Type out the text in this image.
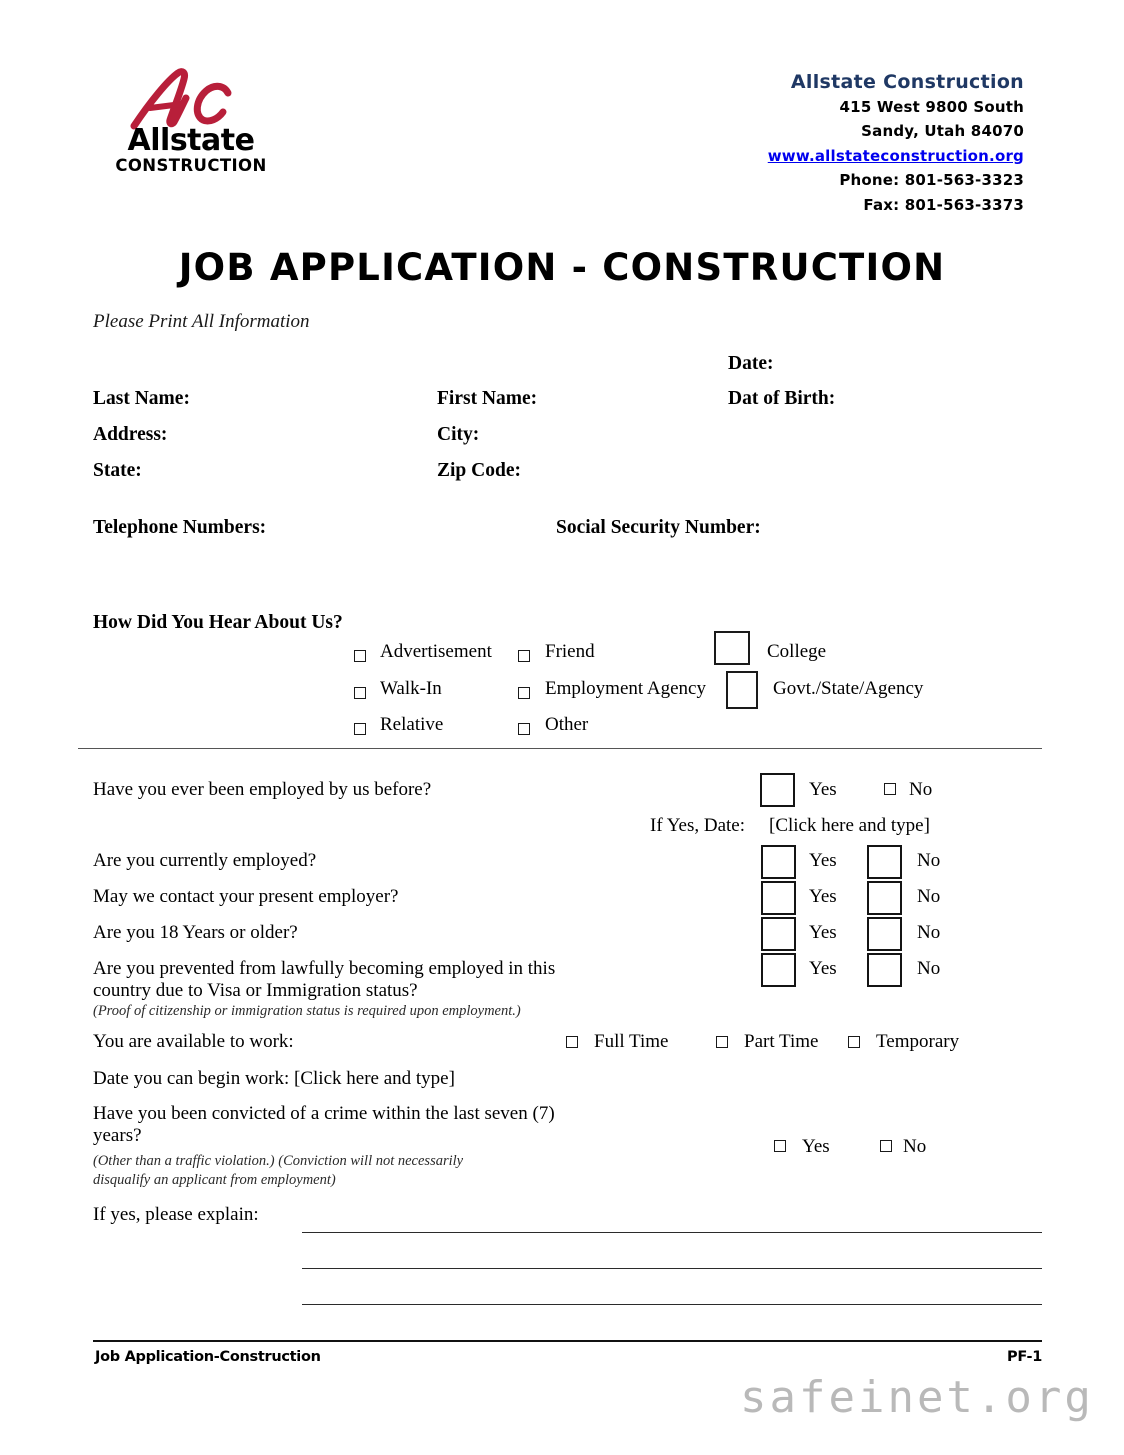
Allstate
CONSTRUCTION
Allstate Construction
415 West 9800 South
Sandy, Utah 84070
www.allstateconstruction.org
Phone: 801-563-3323
Fax: 801-563-3373
JOB APPLICATION - CONSTRUCTION
Please Print All Information
Date:
Last Name:	First Name:	Dat of Birth:
Address:	City:
State:	Zip Code:
Telephone Numbers:	Social Security Number:
How Did You Hear About Us?
Advertisement	Friend	College
Walk-In	Employment Agency	Govt./State/Agency
Relative	Other
Have you ever been employed by us before?	Yes	No
If Yes, Date: [Click here and type]
Are you currently employed?	Yes	No
May we contact your present employer?	Yes	No
Are you 18 Years or older?	Yes	No
Are you prevented from lawfully becoming employed in this
country due to Visa or Immigration status?
(Proof of citizenship or immigration status is required upon employment.)
Yes	No
You are available to work:	Full Time	Part Time	Temporary
Date you can begin work: [Click here and type]
Have you been convicted of a crime within the last seven (7)
years?
(Other than a traffic violation.) (Conviction will not necessarily
disqualify an applicant from employment)
Yes	No
If yes, please explain:
Job Application-Construction	PF-1
safeinet.org
